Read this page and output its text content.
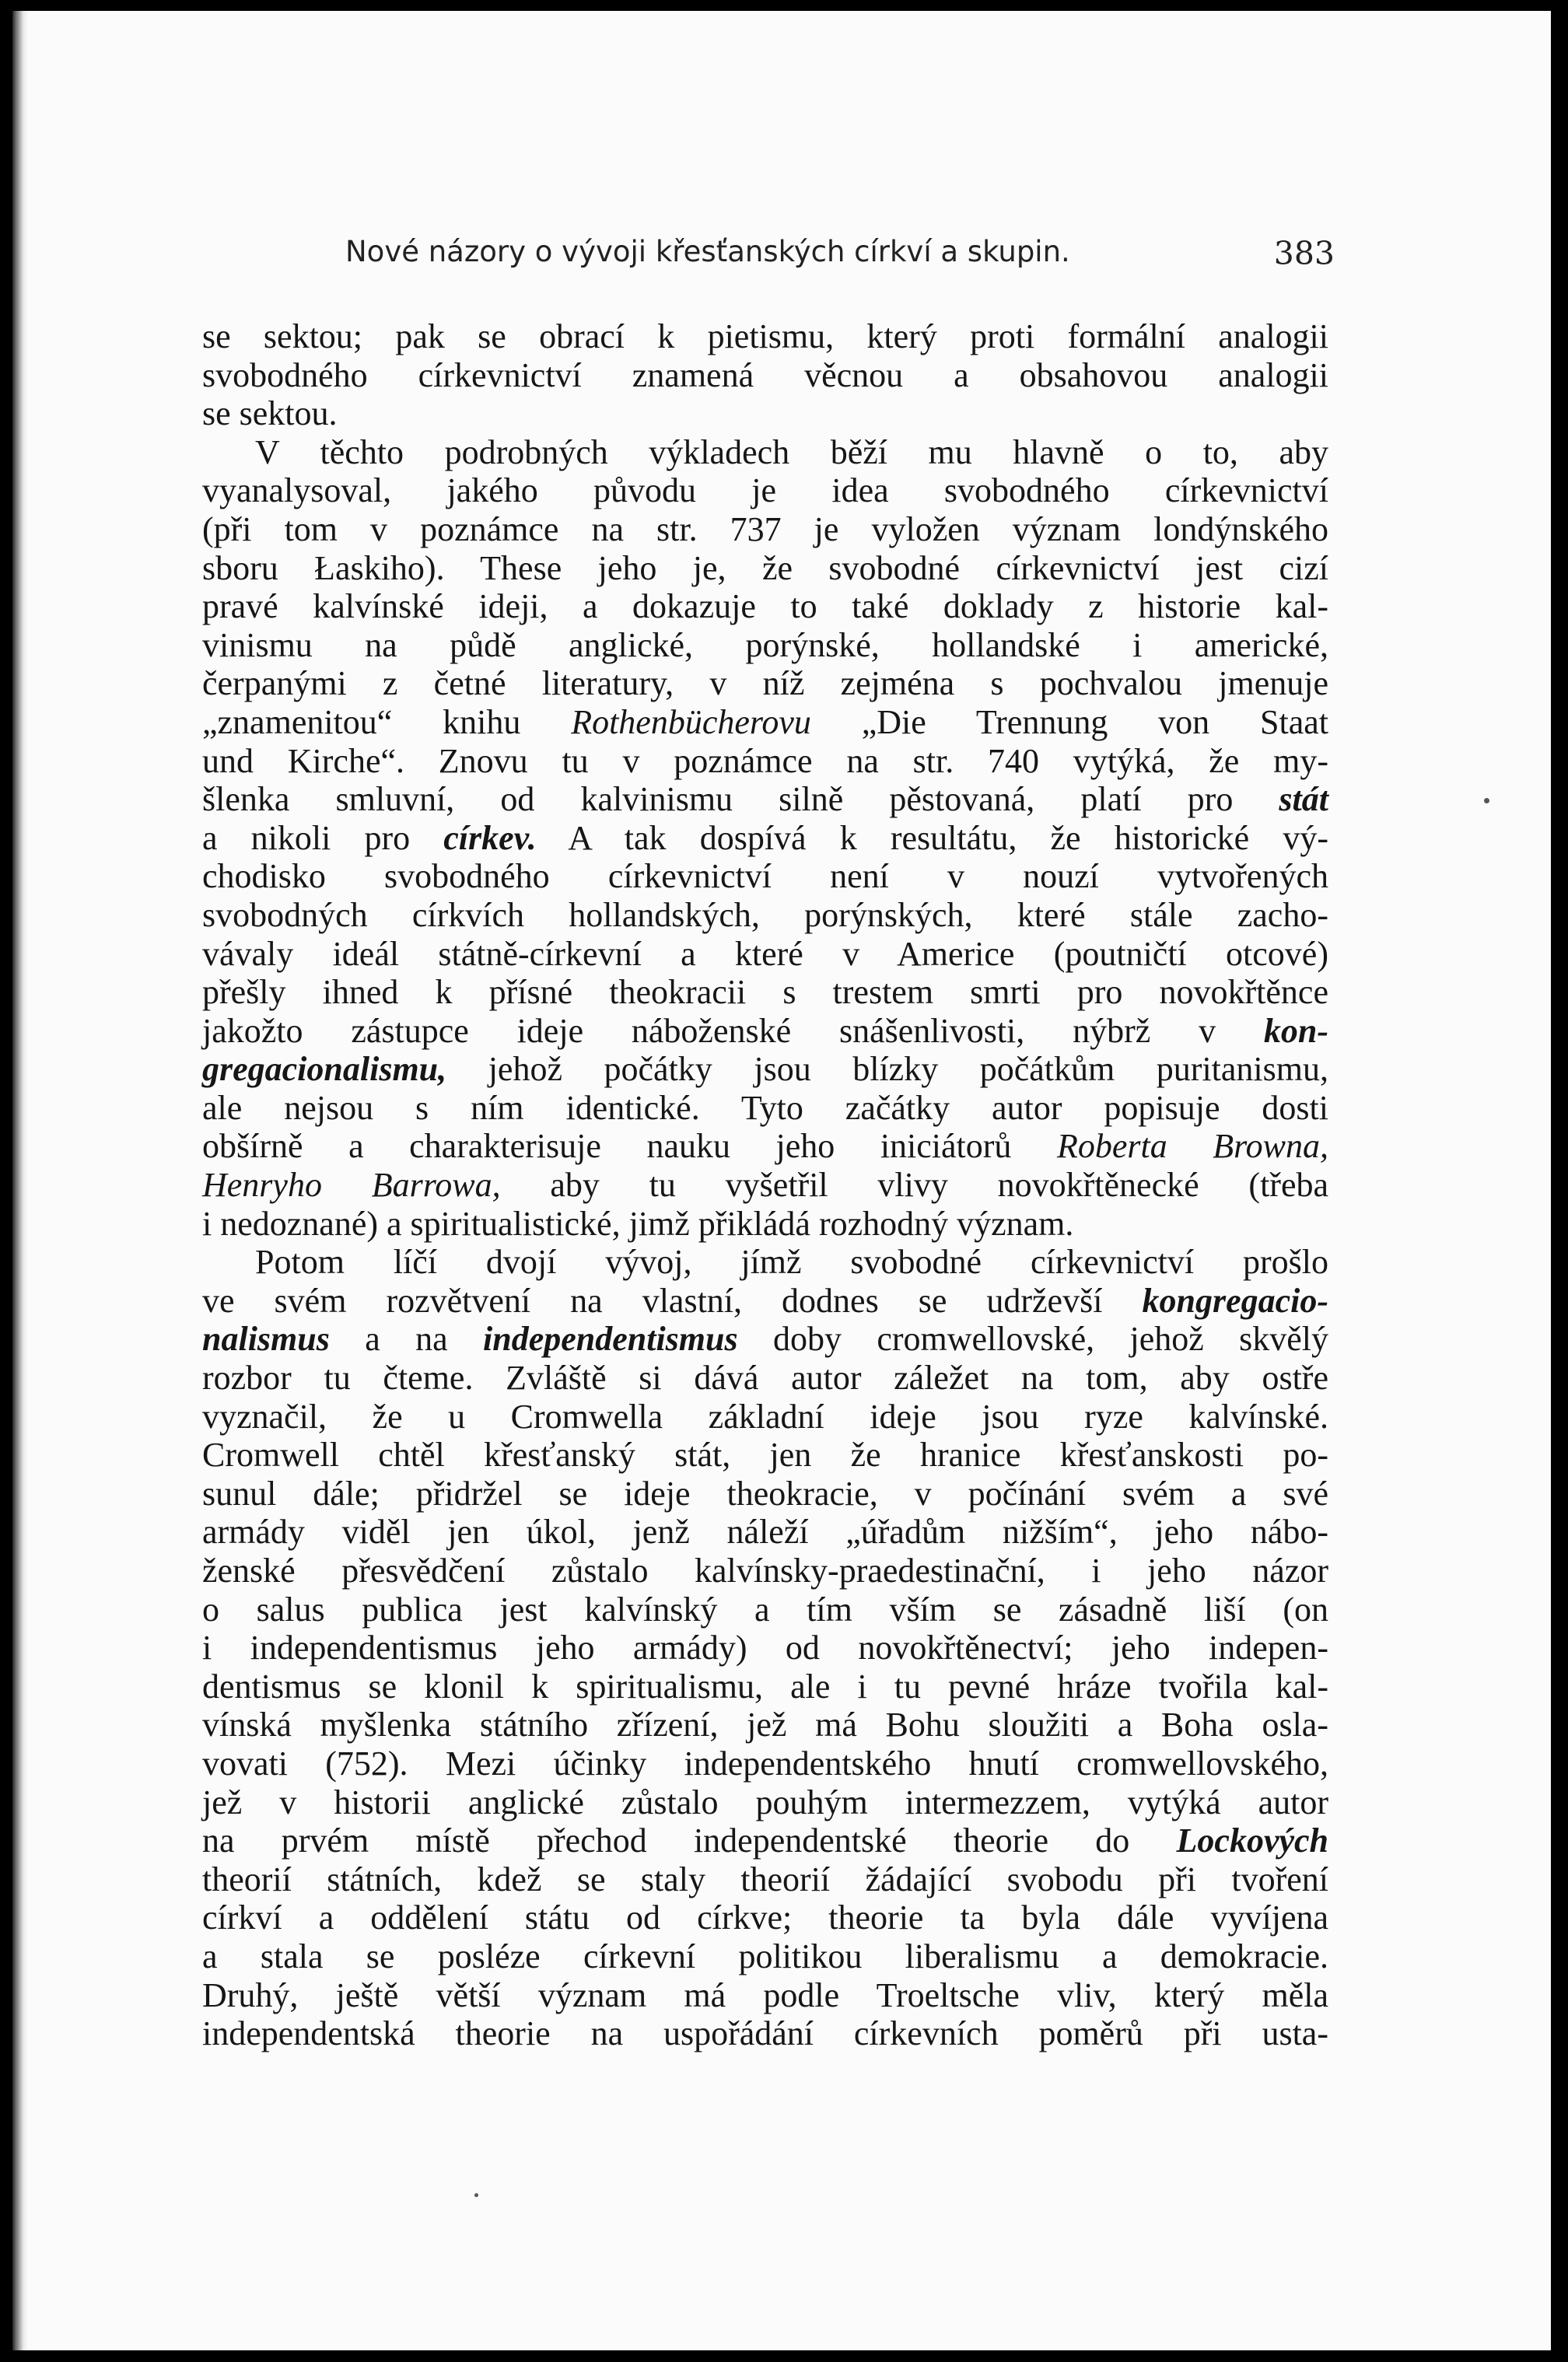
Nové názory o vývoji křesťanských církví a skupin.	383
se sektou; pak se obrací k pietismu, který proti formální analogii
svobodného církevnictví znamená věcnou a obsahovou analogii
se sektou.
V těchto podrobných výkladech běží mu hlavně o to, aby
vyanalysoval, jakého původu je idea svobodného církevnictví
(při tom v poznámce na str. 737 je vyložen význam londýnského
sboru Łaskiho). These jeho je, že svobodné církevnictví jest cizí
pravé kalvínské ideji, a dokazuje to také doklady z historie kal-
vinismu na půdě anglické, porýnské, hollandské i americké,
čerpanými z četné literatury, v níž zejména s pochvalou jmenuje
„znamenitou“ knihu Rothenbücherovu „Die Trennung von Staat
und Kirche“. Znovu tu v poznámce na str. 740 vytýká, že my-
šlenka smluvní, od kalvinismu silně pěstovaná, platí pro stát
a nikoli pro církev. A tak dospívá k resultátu, že historické vý-
chodisko svobodného církevnictví není v nouzí vytvořených
svobodných církvích hollandských, porýnských, které stále zacho-
vávaly ideál státně-církevní a které v Americe (poutničtí otcové)
přešly ihned k přísné theokracii s trestem smrti pro novokřtěnce
jakožto zástupce ideje náboženské snášenlivosti, nýbrž v kon-
gregacionalismu, jehož počátky jsou blízky počátkům puritanismu,
ale nejsou s ním identické. Tyto začátky autor popisuje dosti
obšírně a charakterisuje nauku jeho iniciátorů Roberta Browna,
Henryho Barrowa, aby tu vyšetřil vlivy novokřtěnecké (třeba
i nedoznané) a spiritualistické, jimž přikládá rozhodný význam.
Potom líčí dvojí vývoj, jímž svobodné církevnictví prošlo
ve svém rozvětvení na vlastní, dodnes se udrževší kongregacio-
nalismus a na independentismus doby cromwellovské, jehož skvělý
rozbor tu čteme. Zvláště si dává autor záležet na tom, aby ostře
vyznačil, že u Cromwella základní ideje jsou ryze kalvínské.
Cromwell chtěl křesťanský stát, jen že hranice křesťanskosti po-
sunul dále; přidržel se ideje theokracie, v počínání svém a své
armády viděl jen úkol, jenž náleží „úřadům nižším“, jeho nábo-
ženské přesvědčení zůstalo kalvínsky-praedestinační, i jeho názor
o salus publica jest kalvínský a tím vším se zásadně liší (on
i independentismus jeho armády) od novokřtěnectví; jeho indepen-
dentismus se klonil k spiritualismu, ale i tu pevné hráze tvořila kal-
vínská myšlenka státního zřízení, jež má Bohu sloužiti a Boha osla-
vovati (752). Mezi účinky independentského hnutí cromwellovského,
jež v historii anglické zůstalo pouhým intermezzem, vytýká autor
na prvém místě přechod independentské theorie do Lockových
theorií státních, kdež se staly theorií žádající svobodu při tvoření
církví a oddělení státu od církve; theorie ta byla dále vyvíjena
a stala se posléze církevní politikou liberalismu a demokracie.
Druhý, ještě větší význam má podle Troeltsche vliv, který měla
independentská theorie na uspořádání církevních poměrů při usta-
